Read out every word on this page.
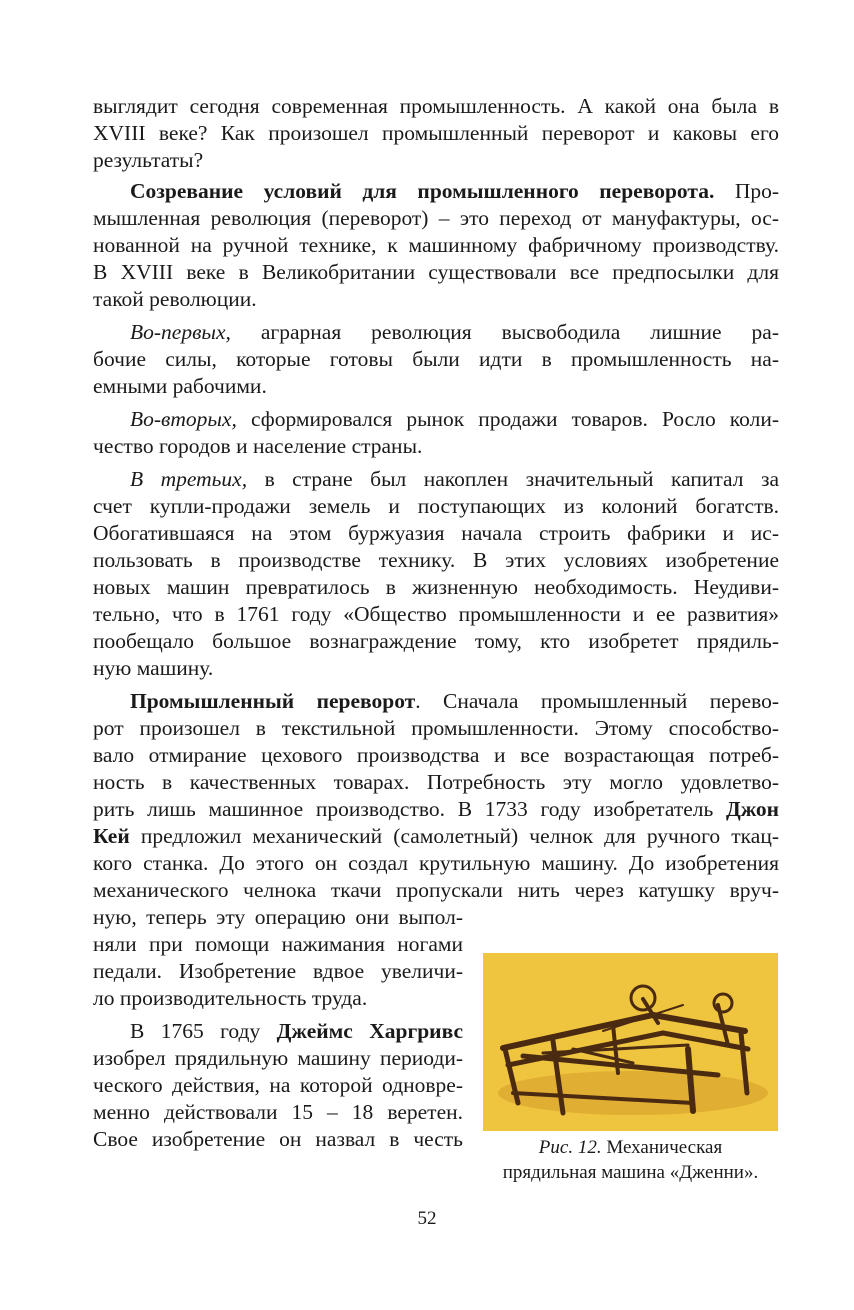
выглядит сегодня современная промышленность. А какой она была в
XVIII веке? Как произошел промышленный переворот и каковы его
результаты?
Созревание условий для промышленного переворота. Про-
мышленная революция (переворот) – это переход от мануфактуры, ос-
нованной на ручной технике, к машинному фабричному производству.
В XVIII веке в Великобритании существовали все предпосылки для
такой революции.
Во-первых, аграрная революция высвободила лишние ра-
бочие силы, которые готовы были идти в промышленность на-
емными рабочими.
Во-вторых, сформировался рынок продажи товаров. Росло коли-
чество городов и население страны.
В третьих, в стране был накоплен значительный капитал за
счет купли-продажи земель и поступающих из колоний богатств.
Обогатившаяся на этом буржуазия начала строить фабрики и ис-
пользовать в производстве технику. В этих условиях изобретение
новых машин превратилось в жизненную необходимость. Неудиви-
тельно, что в 1761 году «Общество промышленности и ее развития»
пообещало большое вознаграждение тому, кто изобретет прядиль-
ную машину.
Промышленный переворот. Сначала промышленный перево-
рот произошел в текстильной промышленности. Этому способство-
вало отмирание цехового производства и все возрастающая потреб-
ность в качественных товарах. Потребность эту могло удовлетво-
рить лишь машинное производство. В 1733 году изобретатель Джон
Кей предложил механический (самолетный) челнок для ручного ткац-
кого станка. До этого он создал крутильную машину. До изобретения
механического челнока ткачи пропускали нить через катушку вруч-
ную, теперь эту операцию они выпол-
няли при помощи нажимания ногами
педали. Изобретение вдвое увеличи-
ло производительность труда.
В 1765 году Джеймс Харгривс
изобрел прядильную машину периоди-
ческого действия, на которой одновре-
менно действовали 15 – 18 веретен.
Свое изобретение он назвал в честь	Рис. 12. Механическая
прядильная машина «Дженни».
52
